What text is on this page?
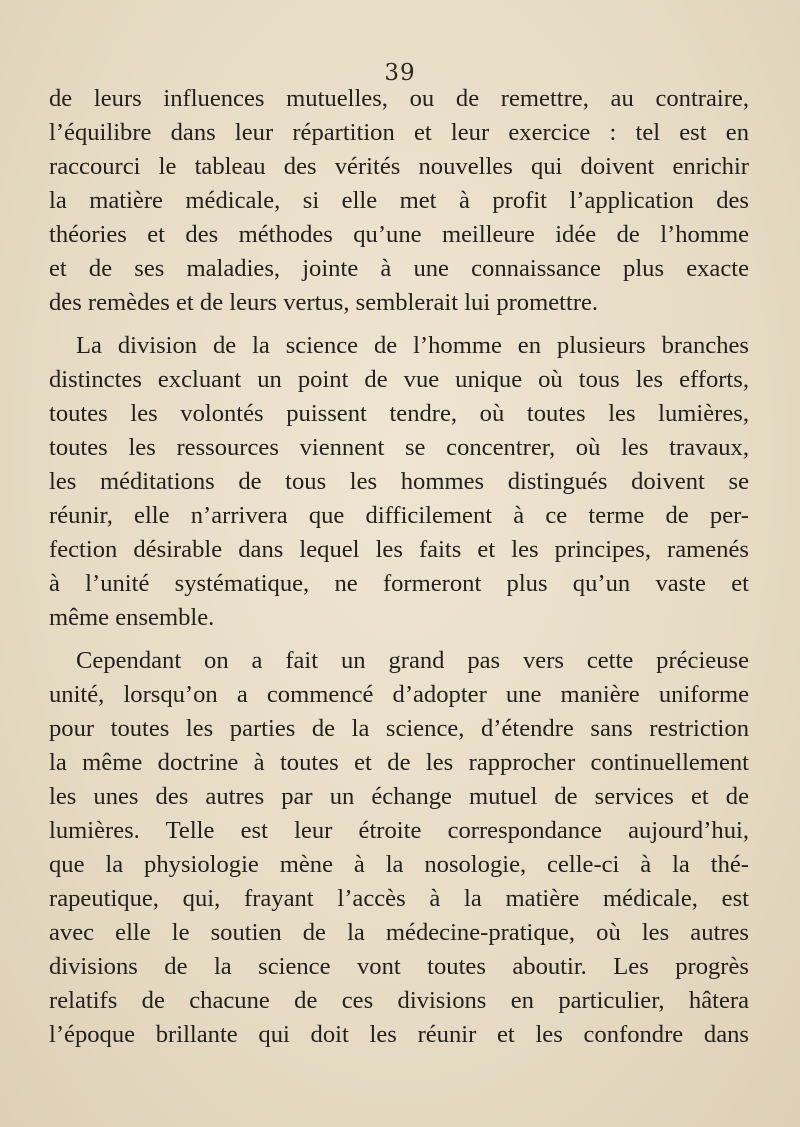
39

de leurs influences mutuelles, ou de remettre, au contraire,
l’équilibre dans leur répartition et leur exercice : tel est en
raccourci le tableau des vérités nouvelles qui doivent enrichir
la matière médicale, si elle met à profit l’application des
théories et des méthodes qu’une meilleure idée de l’homme
et de ses maladies, jointe à une connaissance plus exacte
des remèdes et de leurs vertus, semblerait lui promettre.

La division de la science de l’homme en plusieurs branches
distinctes excluant un point de vue unique où tous les efforts,
toutes les volontés puissent tendre, où toutes les lumières,
toutes les ressources viennent se concentrer, où les travaux,
les méditations de tous les hommes distingués doivent se
réunir, elle n’arrivera que difficilement à ce terme de per-
fection désirable dans lequel les faits et les principes, ramenés
à l’unité systématique, ne formeront plus qu’un vaste et
même ensemble.

Cependant on a fait un grand pas vers cette précieuse
unité, lorsqu’on a commencé d’adopter une manière uniforme
pour toutes les parties de la science, d’étendre sans restriction
la même doctrine à toutes et de les rapprocher continuellement
les unes des autres par un échange mutuel de services et de
lumières. Telle est leur étroite correspondance aujourd’hui,
que la physiologie mène à la nosologie, celle-ci à la thé-
rapeutique, qui, frayant l’accès à la matière médicale, est
avec elle le soutien de la médecine-pratique, où les autres
divisions de la science vont toutes aboutir. Les progrès
relatifs de chacune de ces divisions en particulier, hâtera
l’époque brillante qui doit les réunir et les confondre dans
